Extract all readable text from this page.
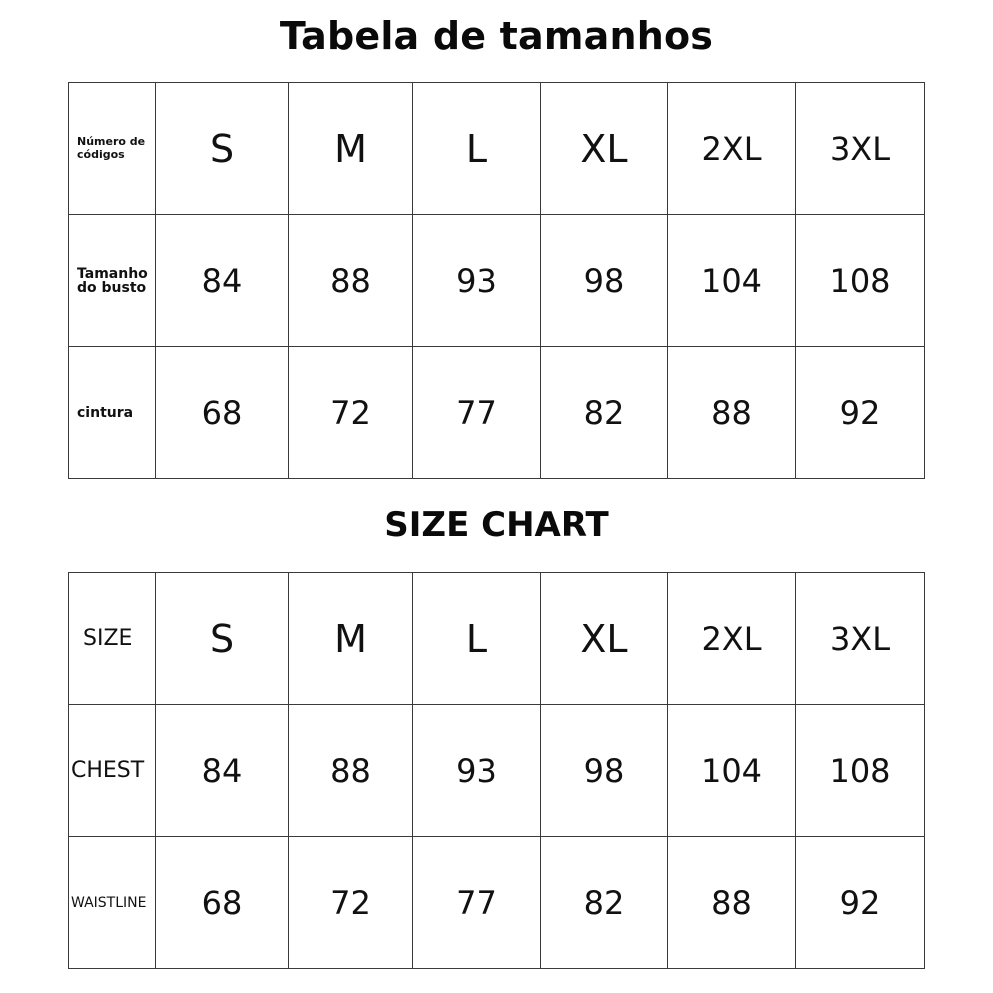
Tabela de tamanhos
Número de códigos	S	M	L	XL	2XL	3XL
Tamanho do busto	84	88	93	98	104	108
cintura	68	72	77	82	88	92
SIZE CHART
SIZE	S	M	L	XL	2XL	3XL
CHEST	84	88	93	98	104	108
WAISTLINE	68	72	77	82	88	92
